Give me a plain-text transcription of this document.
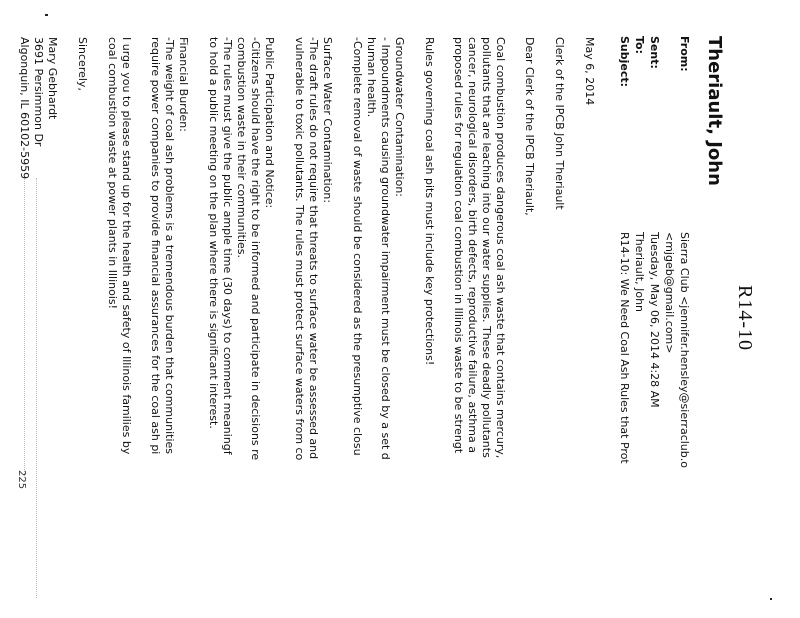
R14-10
Theriault, John
From:
Sierra Club <jennifer.hensley@sierraclub.o
<mjgeb@gmail.com>
Sent:
Tuesday, May 06, 2014 4:28 AM
To:
Theriault, John
Subject:
R14-10: We Need Coal Ash Rules that Prot
May 6, 2014
Clerk of the IPCB John Theriault
Dear Clerk of the IPCB Theriault,
Coal combustion produces dangerous coal ash waste that contains mercury,
pollutants that are leaching into our water supplies. These deadly pollutants
cancer, neurological disorders, birth defects, reproductive failure, asthma a
proposed rules for regulation coal combustion in Illinois waste to be strengt
Rules governing coal ash pits must include key protections!
Groundwater Contamination:
- Impoundments causing groundwater impairment must be closed by a set d
human health.
-Complete removal of waste should be considered as the presumptive closu
Surface Water Contamination:
-The draft rules do not require that threats to surface water be assessed and
vulnerable to toxic pollutants. The rules must protect surface waters from co
Public Participation and Notice:
-Citizens should have the right to be informed and participate in decisions re
combustion waste in their communities.
-The rules must give the public ample time (30 days) to comment meaningf
to hold a public meeting on the plan where there is significant interest.
Financial Burden:
-The weight of coal ash problems is a tremendous burden that communities
require power companies to provide financial assurances for the coal ash pi
I urge you to please stand up for the health and safety of Illinois families by
coal combustion waste at power plants in Illinois!
Sincerely,
Mary Gebhardt
3691 Persimmon Dr
Algonquin, IL 60102-5959
225
